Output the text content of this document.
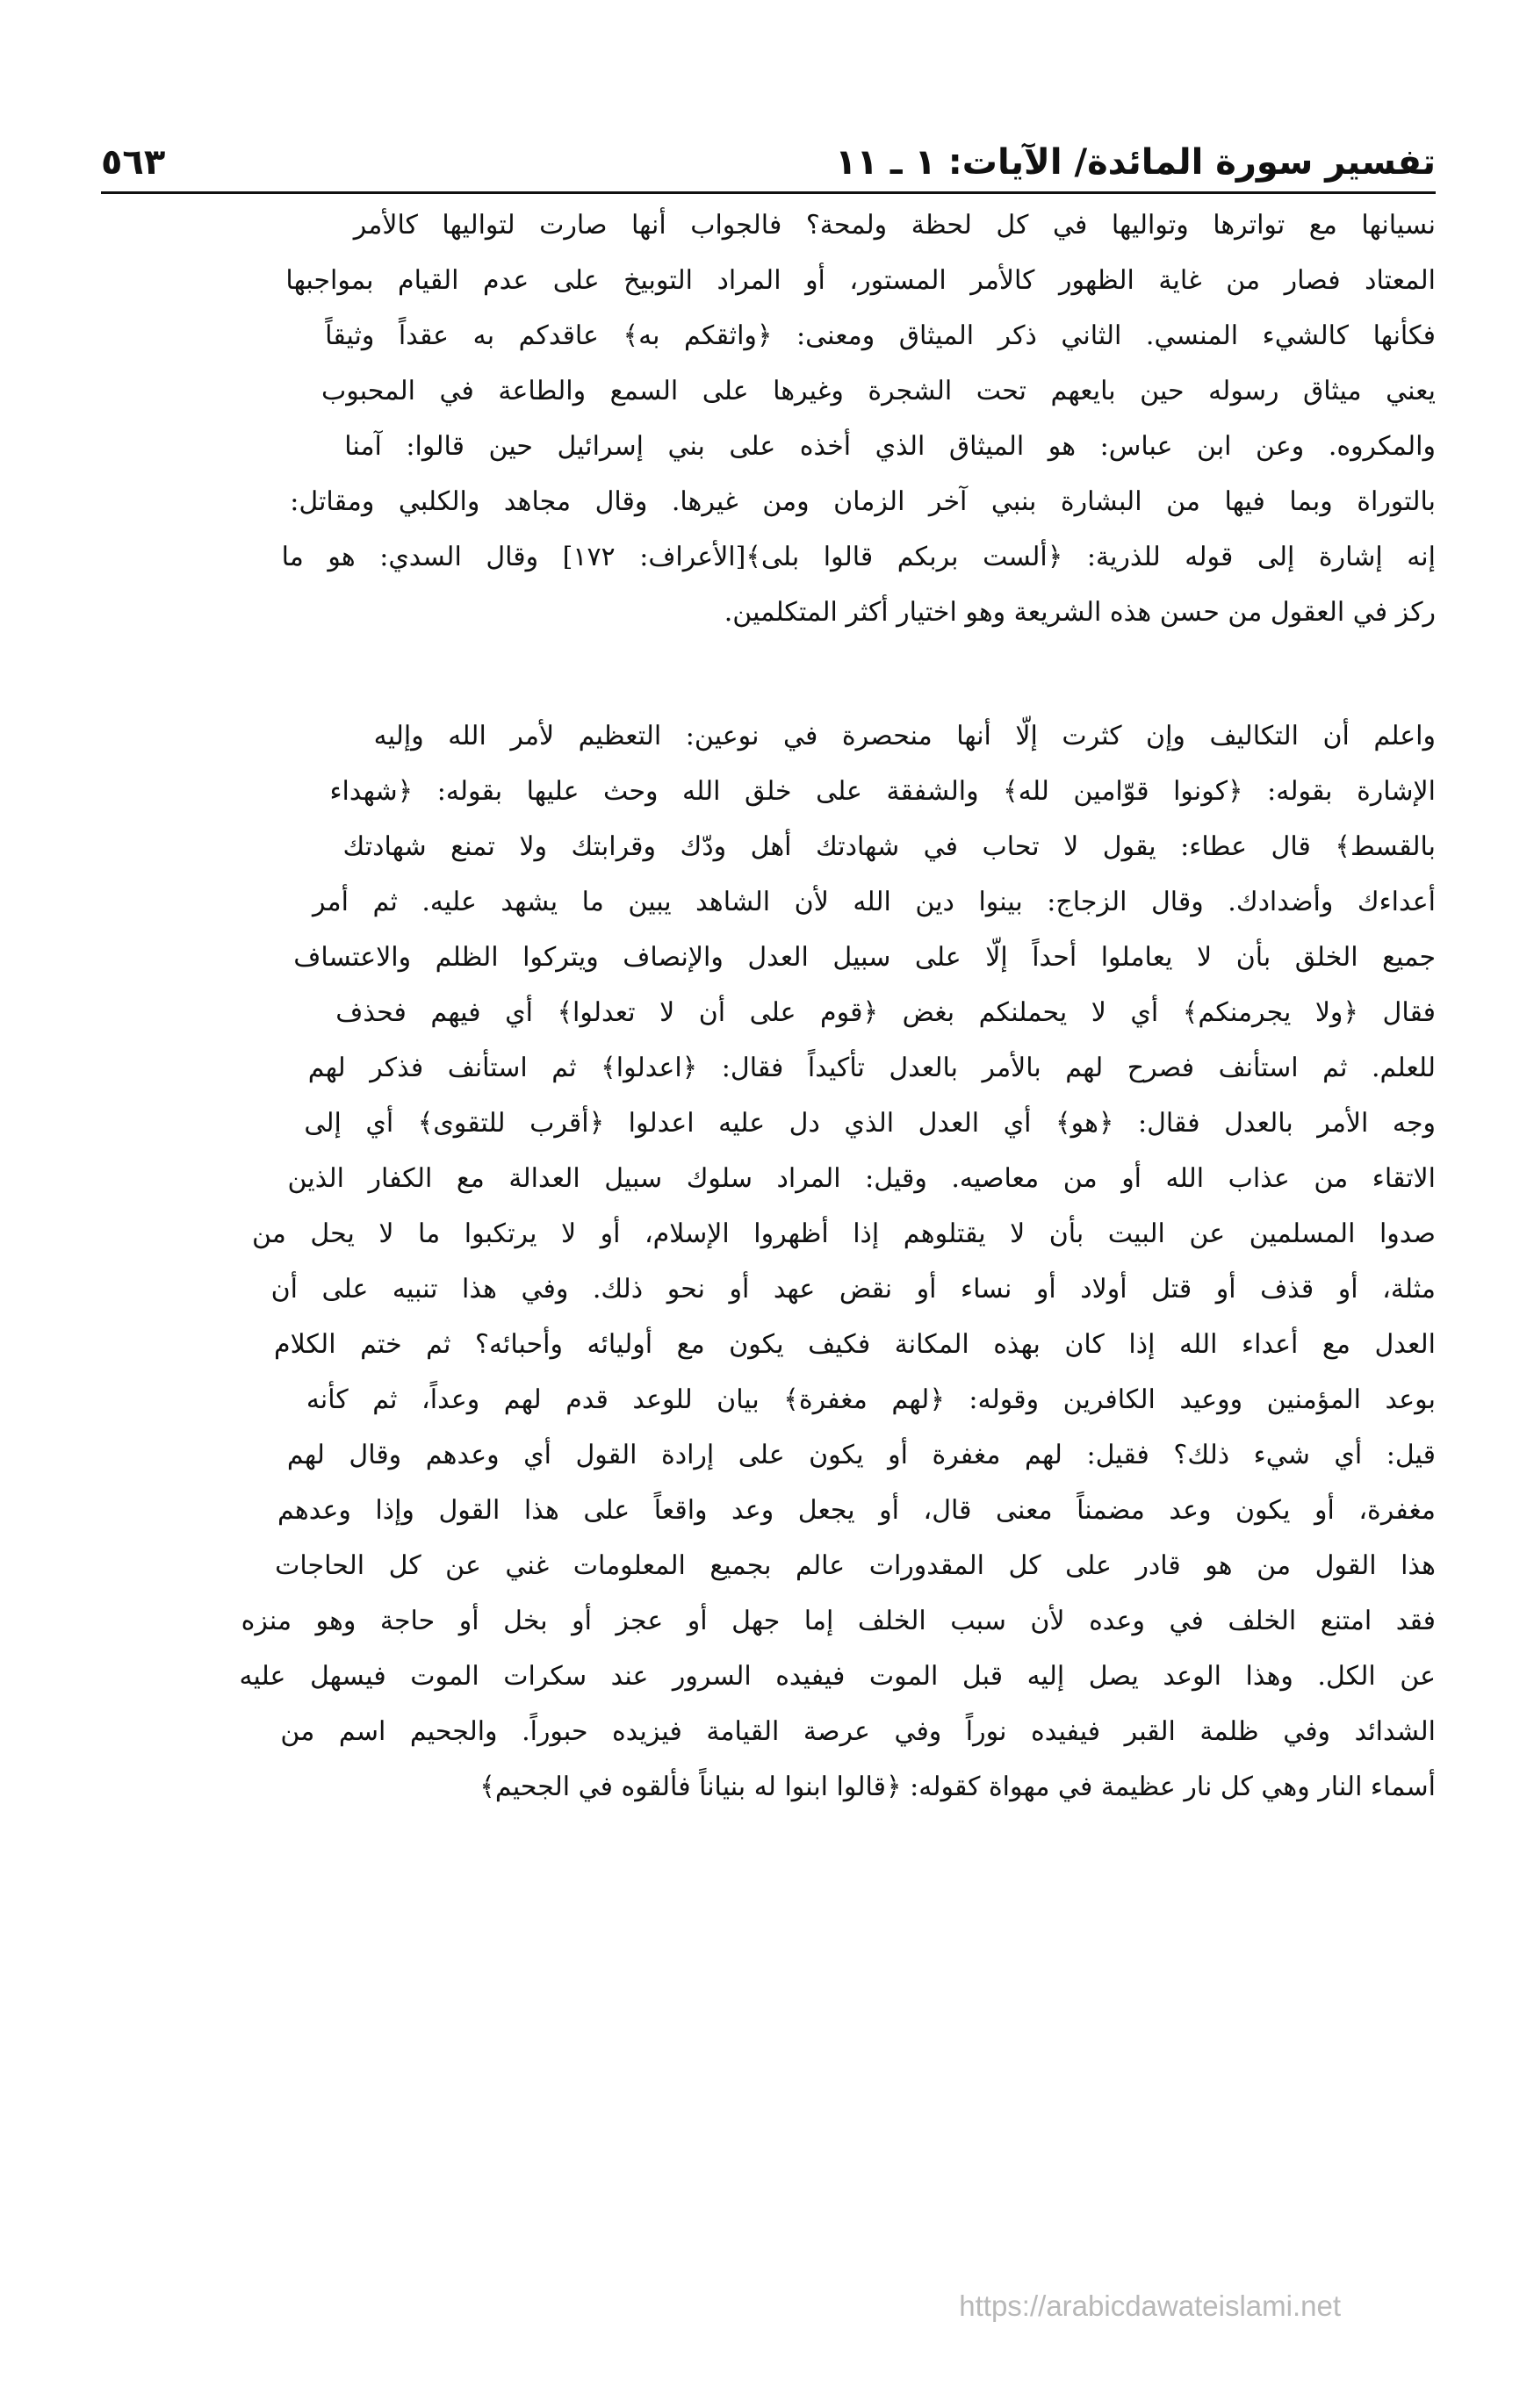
تفسير سورة المائدة/ الآيات: ١ ـ ١١
٥٦٣
نسيانها مع تواترها وتواليها في كل لحظة ولمحة؟ فالجواب أنها صارت لتواليها كالأمر
المعتاد فصار من غاية الظهور كالأمر المستور، أو المراد التوبيخ على عدم القيام بمواجبها
فكأنها كالشيء المنسي. الثاني ذكر الميثاق ومعنى: ﴿واثقكم به﴾ عاقدكم به عقداً وثيقاً
يعني ميثاق رسوله حين بايعهم تحت الشجرة وغيرها على السمع والطاعة في المحبوب
والمكروه. وعن ابن عباس: هو الميثاق الذي أخذه على بني إسرائيل حين قالوا: آمنا
بالتوراة وبما فيها من البشارة بنبي آخر الزمان ومن غيرها. وقال مجاهد والكلبي ومقاتل:
إنه إشارة إلى قوله للذرية: ﴿ألست بربكم قالوا بلى﴾[الأعراف: ١٧٢] وقال السدي: هو ما
ركز في العقول من حسن هذه الشريعة وهو اختيار أكثر المتكلمين.
واعلم أن التكاليف وإن كثرت إلّا أنها منحصرة في نوعين: التعظيم لأمر الله وإليه
الإشارة بقوله: ﴿كونوا قوّامين لله﴾ والشفقة على خلق الله وحث عليها بقوله: ﴿شهداء
بالقسط﴾ قال عطاء: يقول لا تحاب في شهادتك أهل ودّك وقرابتك ولا تمنع شهادتك
أعداءك وأضدادك. وقال الزجاج: بينوا دين الله لأن الشاهد يبين ما يشهد عليه. ثم أمر
جميع الخلق بأن لا يعاملوا أحداً إلّا على سبيل العدل والإنصاف ويتركوا الظلم والاعتساف
فقال ﴿ولا يجرمنكم﴾ أي لا يحملنكم بغض ﴿قوم على أن لا تعدلوا﴾ أي فيهم فحذف
للعلم. ثم استأنف فصرح لهم بالأمر بالعدل تأكيداً فقال: ﴿اعدلوا﴾ ثم استأنف فذكر لهم
وجه الأمر بالعدل فقال: ﴿هو﴾ أي العدل الذي دل عليه اعدلوا ﴿أقرب للتقوى﴾ أي إلى
الاتقاء من عذاب الله أو من معاصيه. وقيل: المراد سلوك سبيل العدالة مع الكفار الذين
صدوا المسلمين عن البيت بأن لا يقتلوهم إذا أظهروا الإسلام، أو لا يرتكبوا ما لا يحل من
مثلة، أو قذف أو قتل أولاد أو نساء أو نقض عهد أو نحو ذلك. وفي هذا تنبيه على أن
العدل مع أعداء الله إذا كان بهذه المكانة فكيف يكون مع أوليائه وأحبائه؟ ثم ختم الكلام
بوعد المؤمنين ووعيد الكافرين وقوله: ﴿لهم مغفرة﴾ بيان للوعد قدم لهم وعداً، ثم كأنه
قيل: أي شيء ذلك؟ فقيل: لهم مغفرة أو يكون على إرادة القول أي وعدهم وقال لهم
مغفرة، أو يكون وعد مضمناً معنى قال، أو يجعل وعد واقعاً على هذا القول وإذا وعدهم
هذا القول من هو قادر على كل المقدورات عالم بجميع المعلومات غني عن كل الحاجات
فقد امتنع الخلف في وعده لأن سبب الخلف إما جهل أو عجز أو بخل أو حاجة وهو منزه
عن الكل. وهذا الوعد يصل إليه قبل الموت فيفيده السرور عند سكرات الموت فيسهل عليه
الشدائد وفي ظلمة القبر فيفيده نوراً وفي عرصة القيامة فيزيده حبوراً. والجحيم اسم من
أسماء النار وهي كل نار عظيمة في مهواة كقوله: ﴿قالوا ابنوا له بنياناً فألقوه في الجحيم﴾
https://arabicdawateislami.net
